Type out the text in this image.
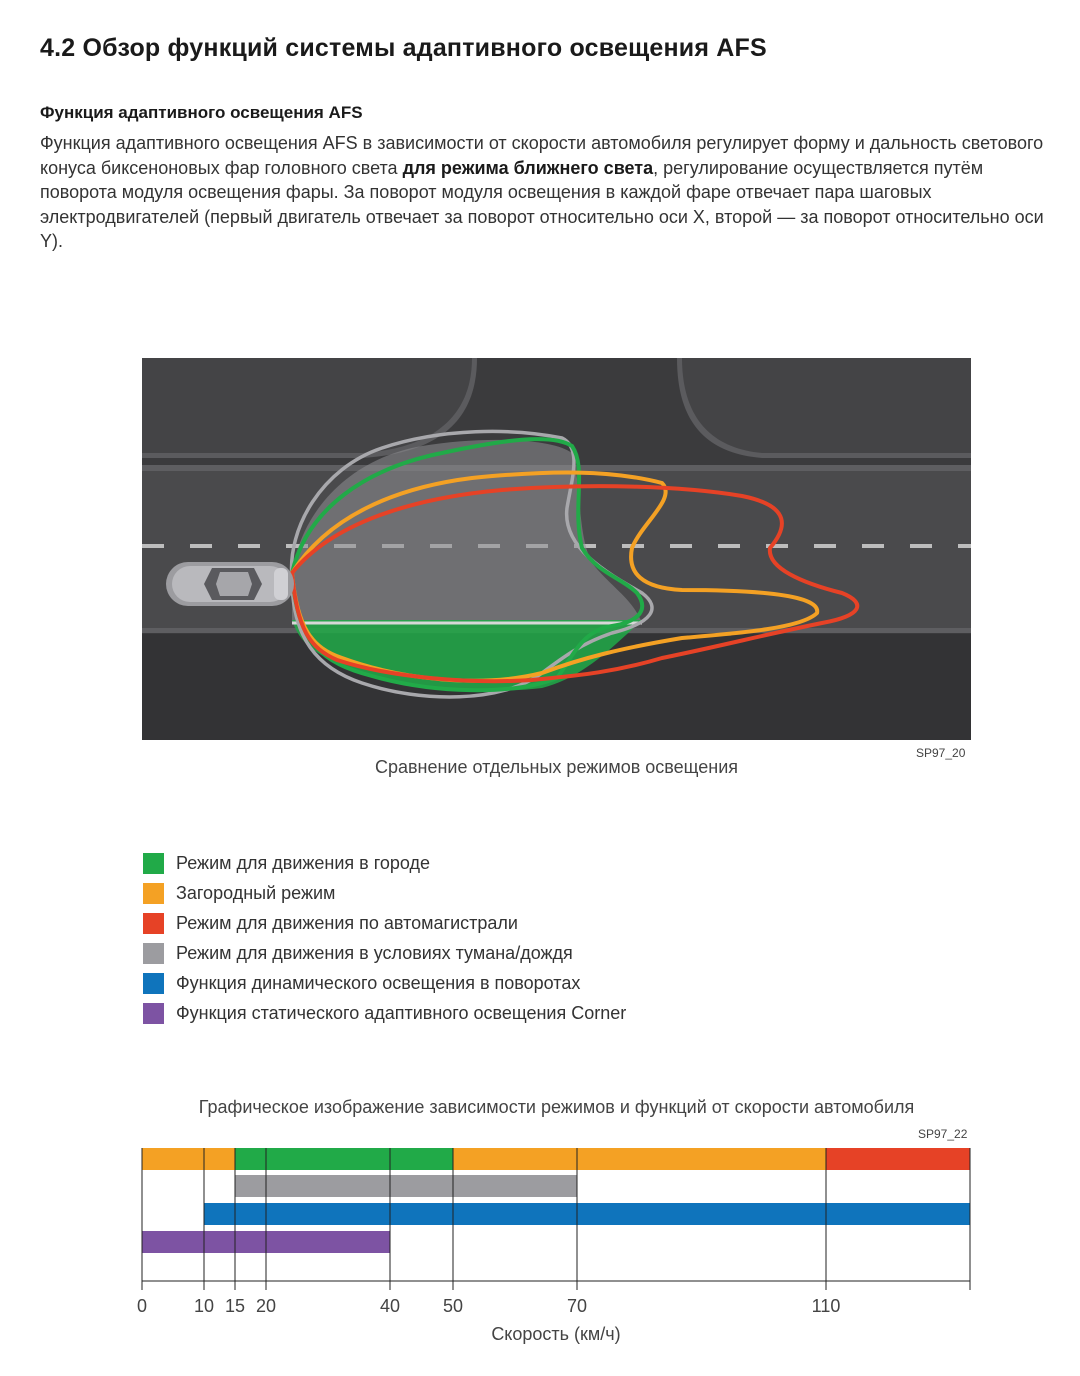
4.2 Обзор функций системы адаптивного освещения AFS
Функция адаптивного освещения AFS
Функция адаптивного освещения AFS в зависимости от скорости автомобиля регулирует форму и дальность светового конуса биксеноновых фар головного света для режима ближнего света, регулирование осуществляется путём поворота модуля освещения фары. За поворот модуля освещения в каждой фаре отвечает пара шаговых электродвигателей (первый двигатель отвечает за поворот относительно оси X, второй — за поворот относительно оси Y).
SP97_20
Сравнение отдельных режимов освещения
Режим для движения в городе
Загородный режим
Режим для движения по автомагистрали
Режим для движения в условиях тумана/дождя
Функция динамического освещения в поворотах
Функция статического адаптивного освещения Corner
Графическое изображение зависимости режимов и функций от скорости автомобиля
SP97_22
0	10 15 20	40 50	70	110
Скорость (км/ч)
